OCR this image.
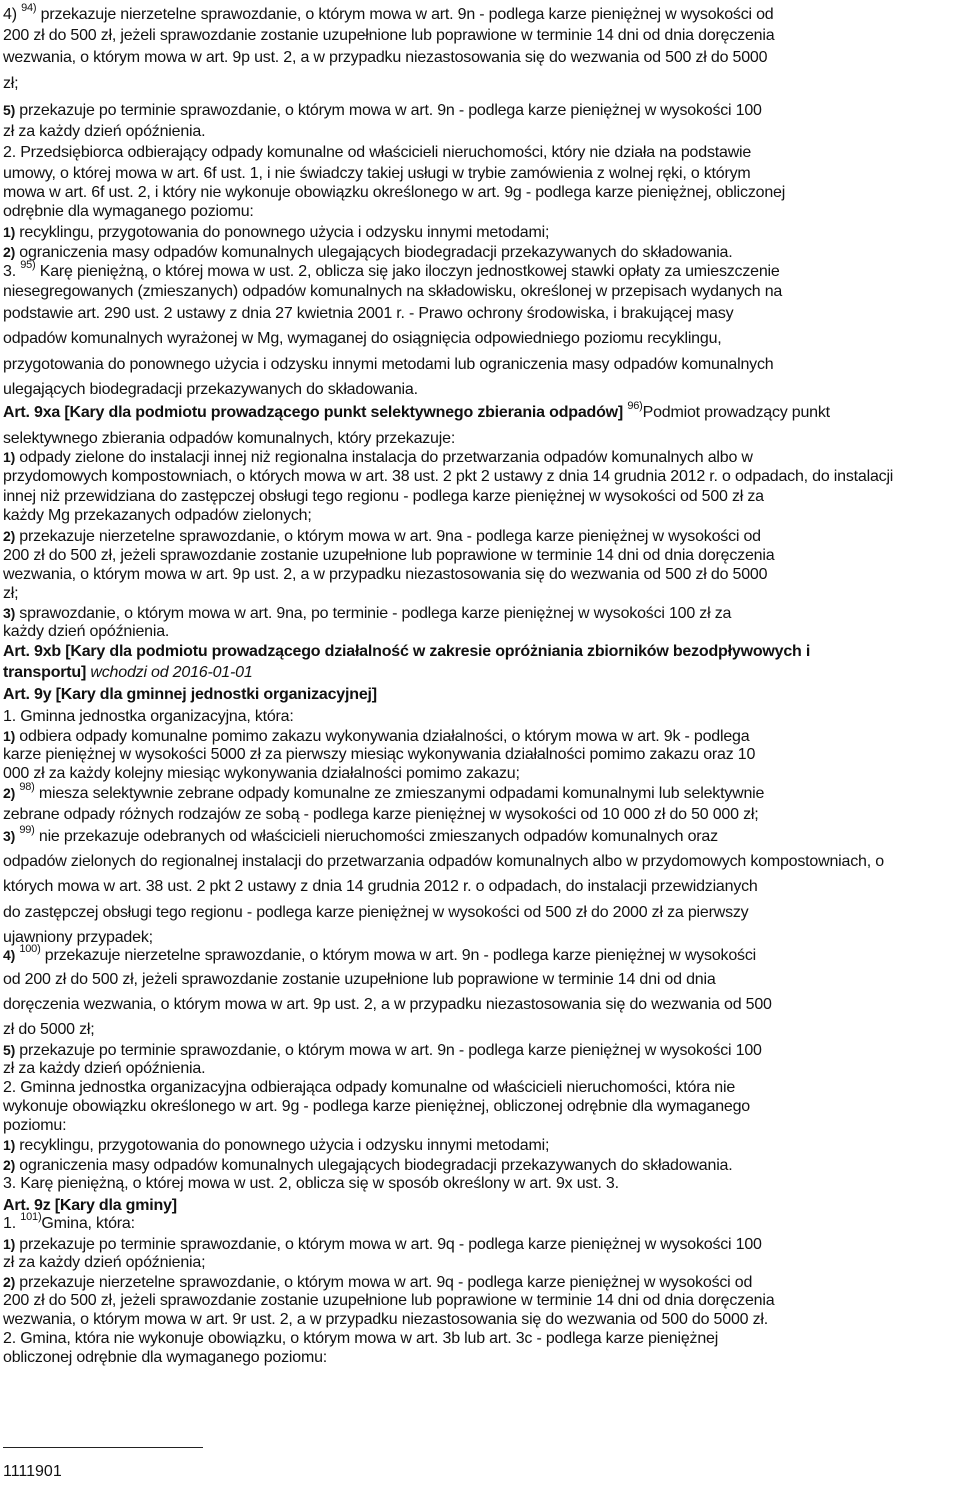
4) $^{94)}$ przekazuje nierzetelne sprawozdanie, o którym mowa w art. 9n - podlega karze pieniężnej w wysokości od
200 zł do 500 zł, jeżeli sprawozdanie zostanie uzupełnione lub poprawione w terminie 14 dni od dnia doręczenia
wezwania, o którym mowa w art. 9p ust. 2, a w przypadku niezastosowania się do wezwania od 500 zł do 5000
zł;
5) przekazuje po terminie sprawozdanie, o którym mowa w art. 9n - podlega karze pieniężnej w wysokości 100
zł za każdy dzień opóźnienia.
2. Przedsiębiorca odbierający odpady komunalne od właścicieli nieruchomości, który nie działa na podstawie
umowy, o której mowa w art. 6f ust. 1, i nie świadczy takiej usługi w trybie zamówienia z wolnej ręki, o którym
mowa w art. 6f ust. 2, i który nie wykonuje obowiązku określonego w art. 9g - podlega karze pieniężnej, obliczonej
odrębnie dla wymaganego poziomu:
1) recyklingu, przygotowania do ponownego użycia i odzysku innymi metodami;
2) ograniczenia masy odpadów komunalnych ulegających biodegradacji przekazywanych do składowania.
3. $^{95)}$ Karę pieniężną, o której mowa w ust. 2, oblicza się jako iloczyn jednostkowej stawki opłaty za umieszczenie
niesegregowanych (zmieszanych) odpadów komunalnych na składowisku, określonej w przepisach wydanych na
podstawie art. 290 ust. 2 ustawy z dnia 27 kwietnia 2001 r. - Prawo ochrony środowiska, i brakującej masy
odpadów komunalnych wyrażonej w Mg, wymaganej do osiągnięcia odpowiedniego poziomu recyklingu,
przygotowania do ponownego użycia i odzysku innymi metodami lub ograniczenia masy odpadów komunalnych
ulegających biodegradacji przekazywanych do składowania.
Art. 9xa [Kary dla podmiotu prowadzącego punkt selektywnego zbierania odpadów] $^{96)}$Podmiot prowadzący punkt
selektywnego zbierania odpadów komunalnych, który przekazuje:
1) odpady zielone do instalacji innej niż regionalna instalacja do przetwarzania odpadów komunalnych albo w
przydomowych kompostowniach, o których mowa w art. 38 ust. 2 pkt 2 ustawy z dnia 14 grudnia 2012 r. o odpadach, do instalacji
innej niż przewidziana do zastępczej obsługi tego regionu - podlega karze pieniężnej w wysokości od 500 zł za
każdy Mg przekazanych odpadów zielonych;
2) przekazuje nierzetelne sprawozdanie, o którym mowa w art. 9na - podlega karze pieniężnej w wysokości od
200 zł do 500 zł, jeżeli sprawozdanie zostanie uzupełnione lub poprawione w terminie 14 dni od dnia doręczenia
wezwania, o którym mowa w art. 9p ust. 2, a w przypadku niezastosowania się do wezwania od 500 zł do 5000
zł;
3) sprawozdanie, o którym mowa w art. 9na, po terminie - podlega karze pieniężnej w wysokości 100 zł za
każdy dzień opóźnienia.
Art. 9xb [Kary dla podmiotu prowadzącego działalność w zakresie opróżniania zbiorników bezodpływowych i
transportu] wchodzi od 2016-01-01
Art. 9y [Kary dla gminnej jednostki organizacyjnej]
1. Gminna jednostka organizacyjna, która:
1) odbiera odpady komunalne pomimo zakazu wykonywania działalności, o którym mowa w art. 9k - podlega
karze pieniężnej w wysokości 5000 zł za pierwszy miesiąc wykonywania działalności pomimo zakazu oraz 10
000 zł za każdy kolejny miesiąc wykonywania działalności pomimo zakazu;
2) $^{98)}$ miesza selektywnie zebrane odpady komunalne ze zmieszanymi odpadami komunalnymi lub selektywnie
zebrane odpady różnych rodzajów ze sobą - podlega karze pieniężnej w wysokości od 10 000 zł do 50 000 zł;
3) $^{99)}$ nie przekazuje odebranych od właścicieli nieruchomości zmieszanych odpadów komunalnych oraz
odpadów zielonych do regionalnej instalacji do przetwarzania odpadów komunalnych albo w przydomowych kompostowniach, o
których mowa w art. 38 ust. 2 pkt 2 ustawy z dnia 14 grudnia 2012 r. o odpadach, do instalacji przewidzianych
do zastępczej obsługi tego regionu - podlega karze pieniężnej w wysokości od 500 zł do 2000 zł za pierwszy
ujawniony przypadek;
4) $^{100)}$ przekazuje nierzetelne sprawozdanie, o którym mowa w art. 9n - podlega karze pieniężnej w wysokości
od 200 zł do 500 zł, jeżeli sprawozdanie zostanie uzupełnione lub poprawione w terminie 14 dni od dnia
doręczenia wezwania, o którym mowa w art. 9p ust. 2, a w przypadku niezastosowania się do wezwania od 500
zł do 5000 zł;
5) przekazuje po terminie sprawozdanie, o którym mowa w art. 9n - podlega karze pieniężnej w wysokości 100
zł za każdy dzień opóźnienia.
2. Gminna jednostka organizacyjna odbierająca odpady komunalne od właścicieli nieruchomości, która nie
wykonuje obowiązku określonego w art. 9g - podlega karze pieniężnej, obliczonej odrębnie dla wymaganego
poziomu:
1) recyklingu, przygotowania do ponownego użycia i odzysku innymi metodami;
2) ograniczenia masy odpadów komunalnych ulegających biodegradacji przekazywanych do składowania.
3. Karę pieniężną, o której mowa w ust. 2, oblicza się w sposób określony w art. 9x ust. 3.
Art. 9z [Kary dla gminy]
1. $^{101)}$Gmina, która:
1) przekazuje po terminie sprawozdanie, o którym mowa w art. 9q - podlega karze pieniężnej w wysokości 100
zł za każdy dzień opóźnienia;
2) przekazuje nierzetelne sprawozdanie, o którym mowa w art. 9q - podlega karze pieniężnej w wysokości od
200 zł do 500 zł, jeżeli sprawozdanie zostanie uzupełnione lub poprawione w terminie 14 dni od dnia doręczenia
wezwania, o którym mowa w art. 9r ust. 2, a w przypadku niezastosowania się do wezwania od 500 do 5000 zł.
2. Gmina, która nie wykonuje obowiązku, o którym mowa w art. 3b lub art. 3c - podlega karze pieniężnej
obliczonej odrębnie dla wymaganego poziomu:
1111901
